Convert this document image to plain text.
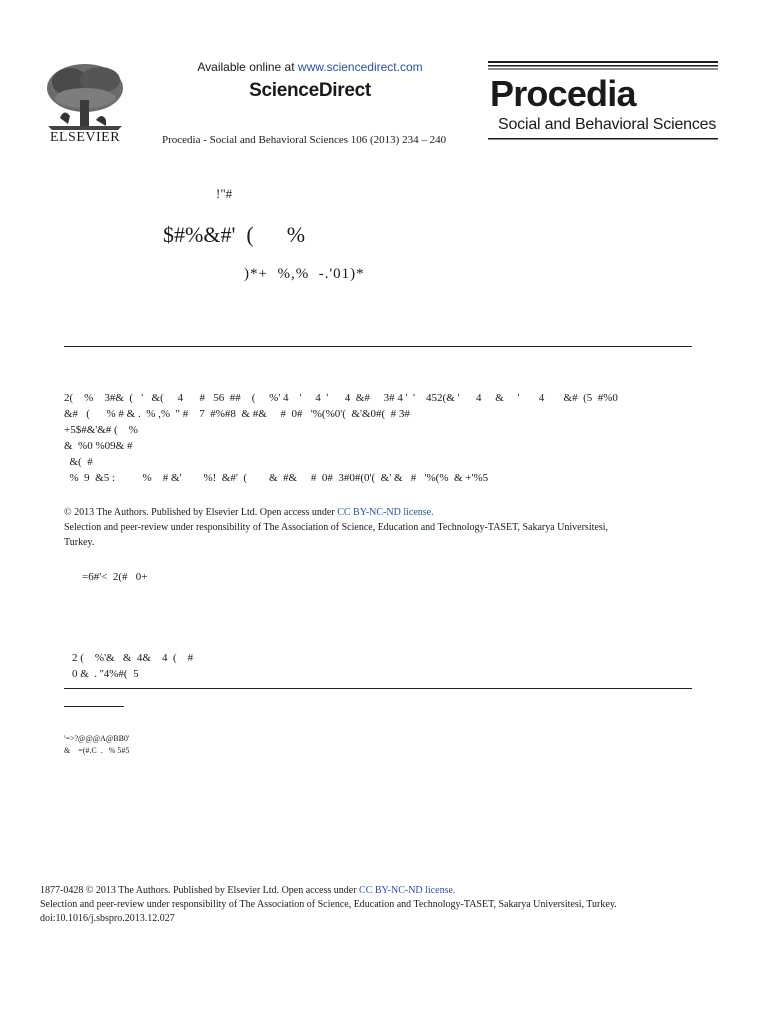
ELSEVIER
Available online at www.sciencedirect.com
ScienceDirect
Procedia - Social and Behavioral Sciences 106 (2013) 234 – 240
Procedia
Social and Behavioral Sciences
!"#
$#%&#'  (      %
)*+  %,%  -.'01)*
2(    %    3#&  (   '   &(     4      #   56  ##    (     %' 4    '     4  '      4  &#     3# 4 '  '    452(& '      4     &     '       4       &#  (5  #%0
&#   (      % # & .  % ,%  " #    7  #%#8  & #&     #  0#   '%(%0'(  &'&0#(  # 3#
+5$#&'&# (    %
&  %0 %09& #
&(  #
%  9  &5 :          %    # &'        %!  &#'  (        &  #&     #  0#  3#0#(0'(  &' &   #   '%(%  & +'%5
© 2013 The Authors. Published by Elsevier Ltd. Open access under CC BY-NC-ND license.
Selection and peer-review under responsibility of The Association of Science, Education and Technology-TASET, Sakarya Universitesi,
Turkey.
=6#'<  2(#   0+
2 (    %'&   &  4&    4  (    #
0 &  . ''4%#(  5
'=>?@@@A@BB0'
&    =(#.C  .   % 5#5
1877-0428 © 2013 The Authors. Published by Elsevier Ltd. Open access under CC BY-NC-ND license.
Selection and peer-review under responsibility of The Association of Science, Education and Technology-TASET, Sakarya Universitesi, Turkey.
doi:10.1016/j.sbspro.2013.12.027
